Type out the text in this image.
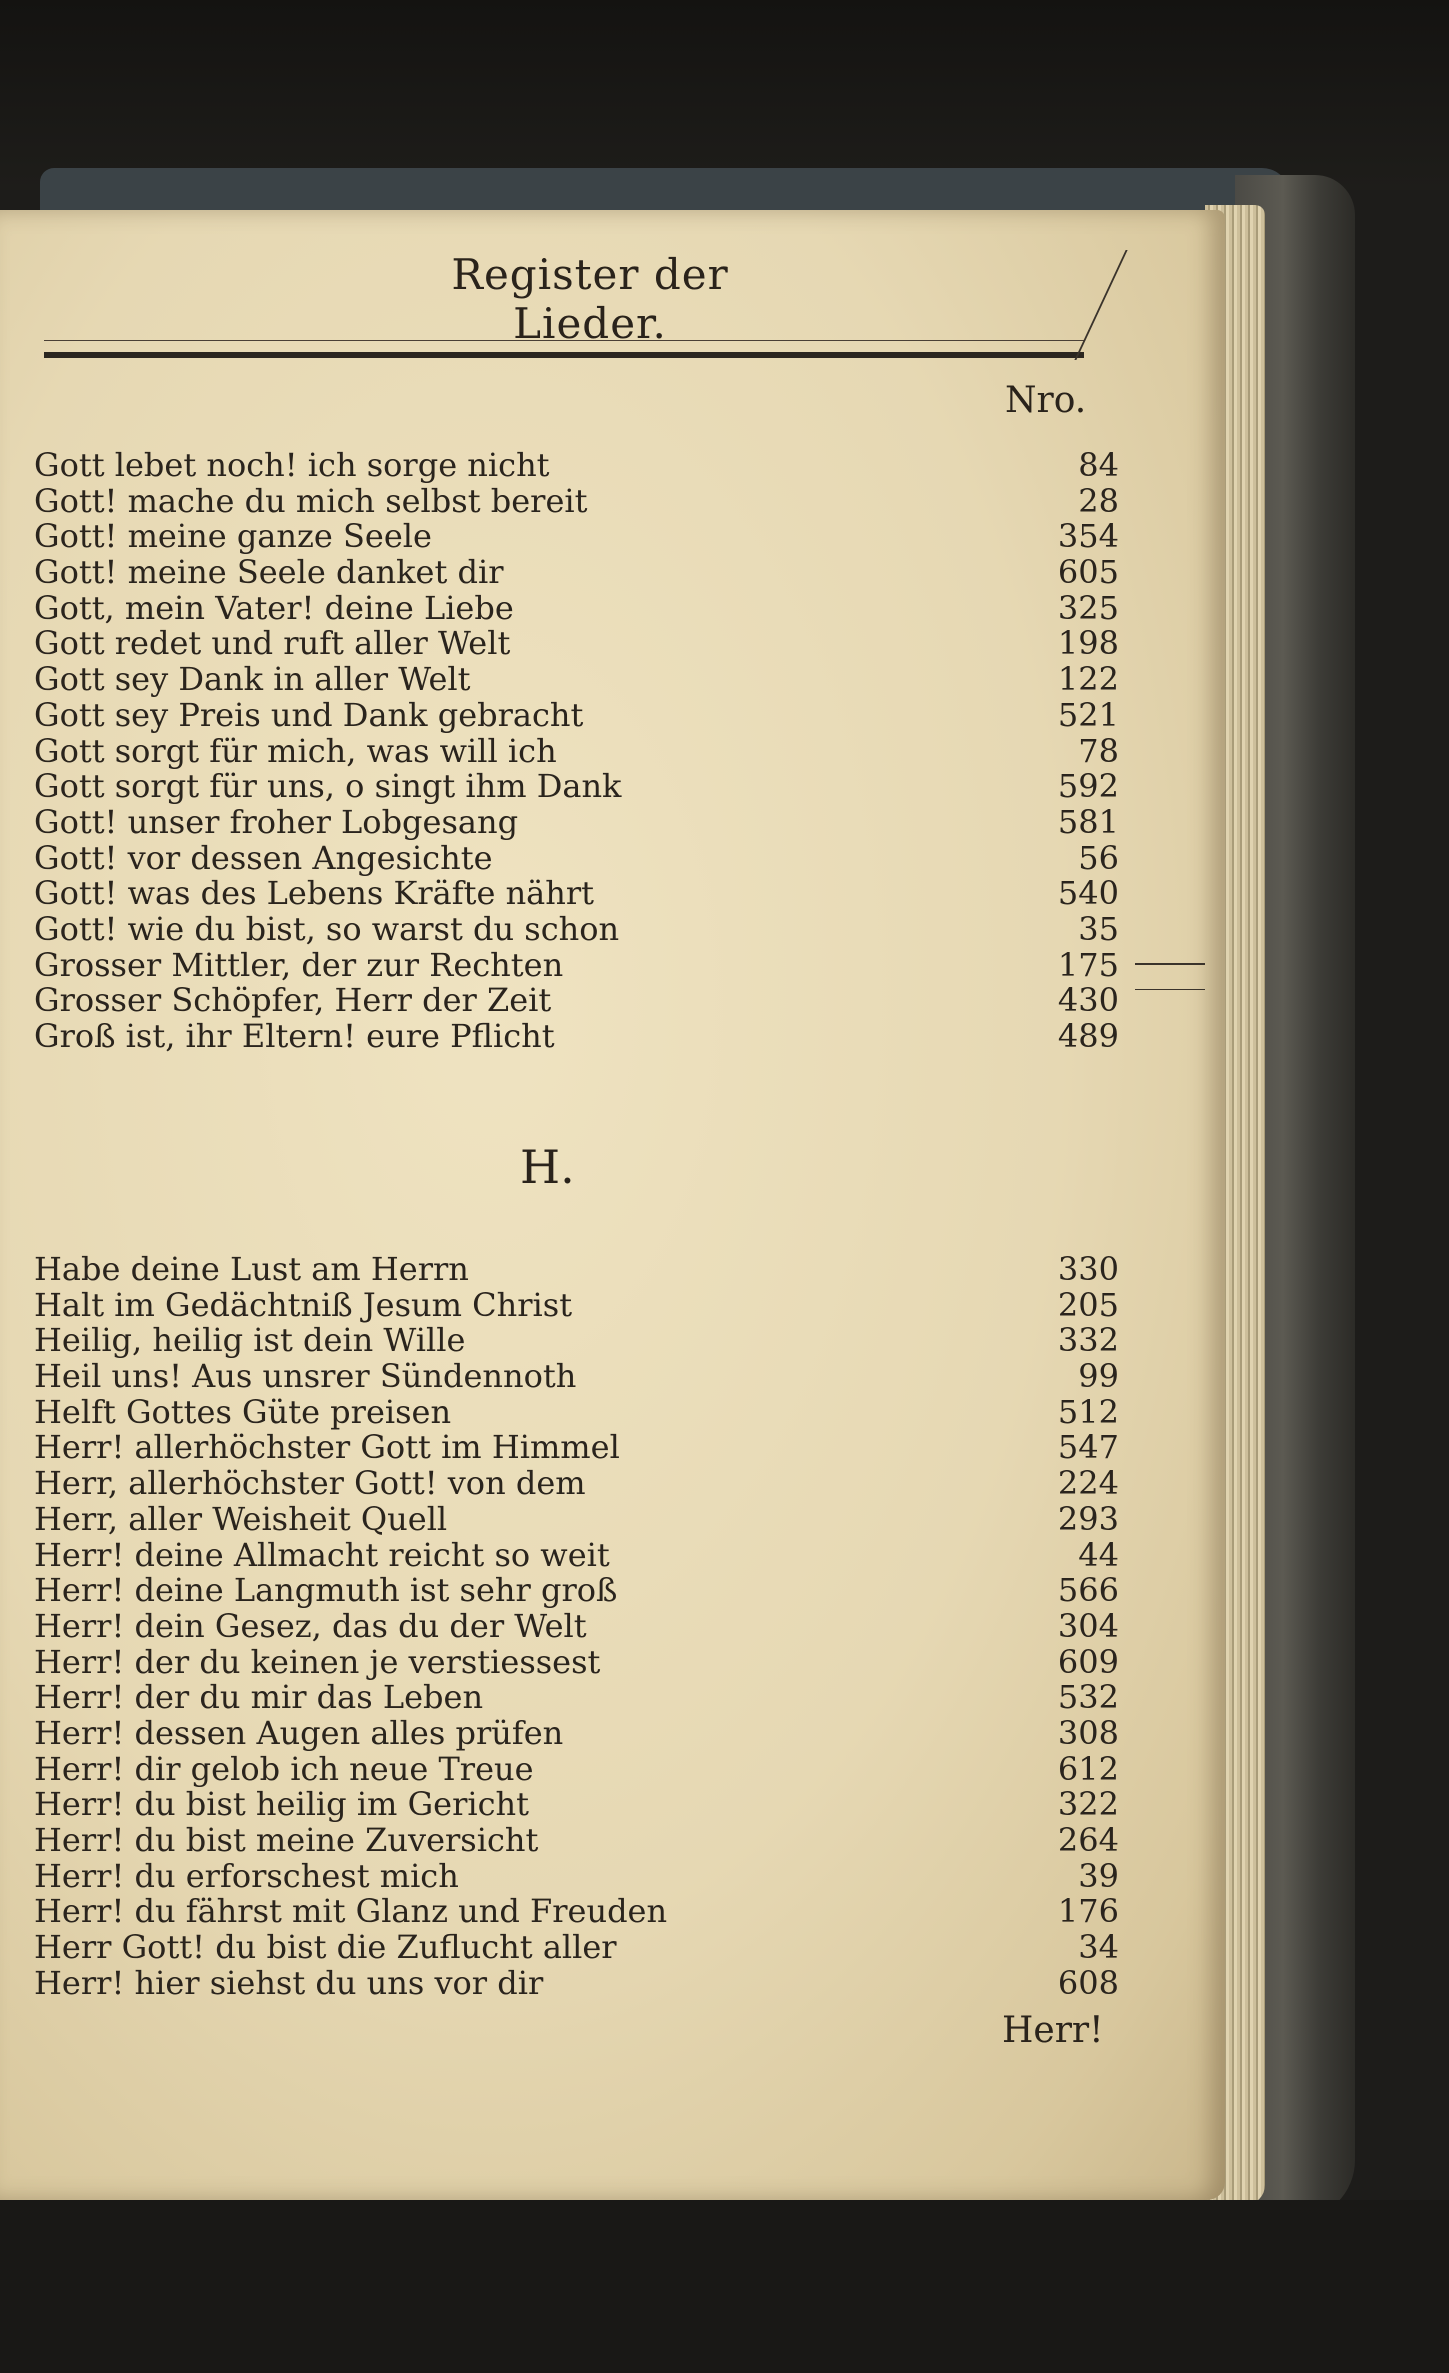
Register der Lieder.
Nro.
Gott lebet noch! ich sorge nicht	84
Gott! mache du mich selbst bereit	28
Gott! meine ganze Seele	354
Gott! meine Seele danket dir	605
Gott, mein Vater! deine Liebe	325
Gott redet und ruft aller Welt	198
Gott sey Dank in aller Welt	122
Gott sey Preis und Dank gebracht	521
Gott sorgt für mich, was will ich	78
Gott sorgt für uns, o singt ihm Dank	592
Gott! unser froher Lobgesang	581
Gott! vor dessen Angesichte	56
Gott! was des Lebens Kräfte nährt	540
Gott! wie du bist, so warst du schon	35
Grosser Mittler, der zur Rechten	175
Grosser Schöpfer, Herr der Zeit	430
Groß ist, ihr Eltern! eure Pflicht	489
H.
Habe deine Lust am Herrn	330
Halt im Gedächtniß Jesum Christ	205
Heilig, heilig ist dein Wille	332
Heil uns! Aus unsrer Sündennoth	99
Helft Gottes Güte preisen	512
Herr! allerhöchster Gott im Himmel	547
Herr, allerhöchster Gott! von dem	224
Herr, aller Weisheit Quell	293
Herr! deine Allmacht reicht so weit	44
Herr! deine Langmuth ist sehr groß	566
Herr! dein Gesez, das du der Welt	304
Herr! der du keinen je verstiessest	609
Herr! der du mir das Leben	532
Herr! dessen Augen alles prüfen	308
Herr! dir gelob ich neue Treue	612
Herr! du bist heilig im Gericht	322
Herr! du bist meine Zuversicht	264
Herr! du erforschest mich	39
Herr! du fährst mit Glanz und Freuden	176
Herr Gott! du bist die Zuflucht aller	34
Herr! hier siehst du uns vor dir	608
Herr!
